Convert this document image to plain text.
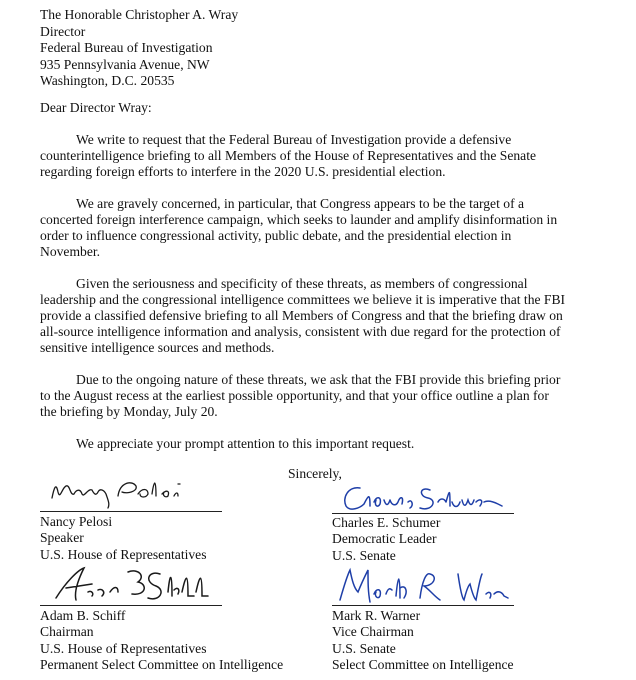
The Honorable Christopher A. Wray
Director
Federal Bureau of Investigation
935 Pennsylvania Avenue, NW
Washington, D.C. 20535
Dear Director Wray:
We write to request that the Federal Bureau of Investigation provide a defensive
counterintelligence briefing to all Members of the House of Representatives and the Senate
regarding foreign efforts to interfere in the 2020 U.S. presidential election.
We are gravely concerned, in particular, that Congress appears to be the target of a
concerted foreign interference campaign, which seeks to launder and amplify disinformation in
order to influence congressional activity, public debate, and the presidential election in
November.
Given the seriousness and specificity of these threats, as members of congressional
leadership and the congressional intelligence committees we believe it is imperative that the FBI
provide a classified defensive briefing to all Members of Congress and that the briefing draw on
all-source intelligence information and analysis, consistent with due regard for the protection of
sensitive intelligence sources and methods.
Due to the ongoing nature of these threats, we ask that the FBI provide this briefing prior
to the August recess at the earliest possible opportunity, and that your office outline a plan for
the briefing by Monday, July 20.
We appreciate your prompt attention to this important request.
Sincerely,
Nancy Pelosi
Speaker
U.S. House of Representatives
Charles E. Schumer
Democratic Leader
U.S. Senate
Adam B. Schiff
Chairman
U.S. House of Representatives
Permanent Select Committee on Intelligence
Mark R. Warner
Vice Chairman
U.S. Senate
Select Committee on Intelligence
